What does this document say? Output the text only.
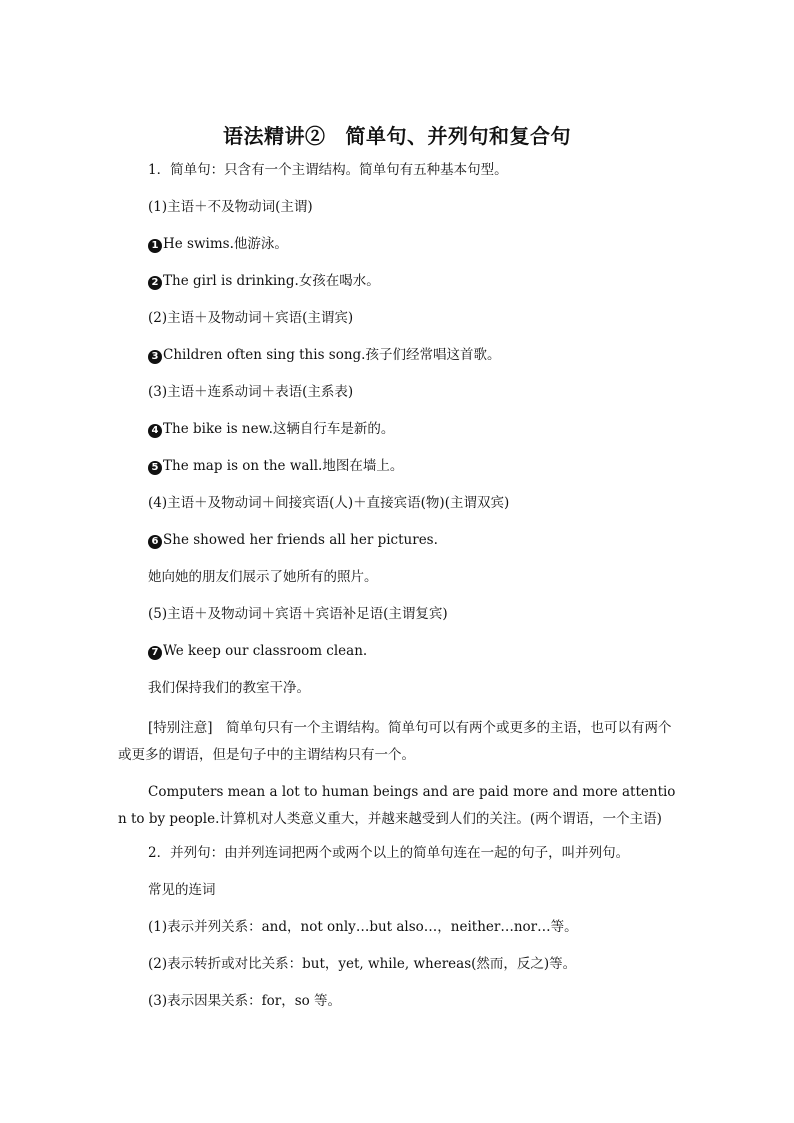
语法精讲② 简单句、并列句和复合句
1．简单句：只含有一个主谓结构。简单句有五种基本句型。
(1)主语＋不及物动词(主谓)
1 He swims.他游泳。
2 The girl is drinking.女孩在喝水。
(2)主语＋及物动词＋宾语(主谓宾)
3 Children often sing this song.孩子们经常唱这首歌。
(3)主语＋连系动词＋表语(主系表)
4 The bike is new.这辆自行车是新的。
5 The map is on the wall.地图在墙上。
(4)主语＋及物动词＋间接宾语(人)＋直接宾语(物)(主谓双宾)
6 She showed her friends all her pictures.
她向她的朋友们展示了她所有的照片。
(5)主语＋及物动词＋宾语＋宾语补足语(主谓复宾)
7 We keep our classroom clean.
我们保持我们的教室干净。
[特别注意]　简单句只有一个主谓结构。简单句可以有两个或更多的主语，也可以有两个或更多的谓语，但是句子中的主谓结构只有一个。
Computers mean a lot to human beings and are paid more and more attention to by people.计算机对人类意义重大，并越来越受到人们的关注。(两个谓语，一个主语)
2．并列句：由并列连词把两个或两个以上的简单句连在一起的句子，叫并列句。
常见的连词
(1)表示并列关系：and，not only…but also…，neither…nor…等。
(2)表示转折或对比关系：but，yet, while, whereas(然而，反之)等。
(3)表示因果关系：for，so 等。
